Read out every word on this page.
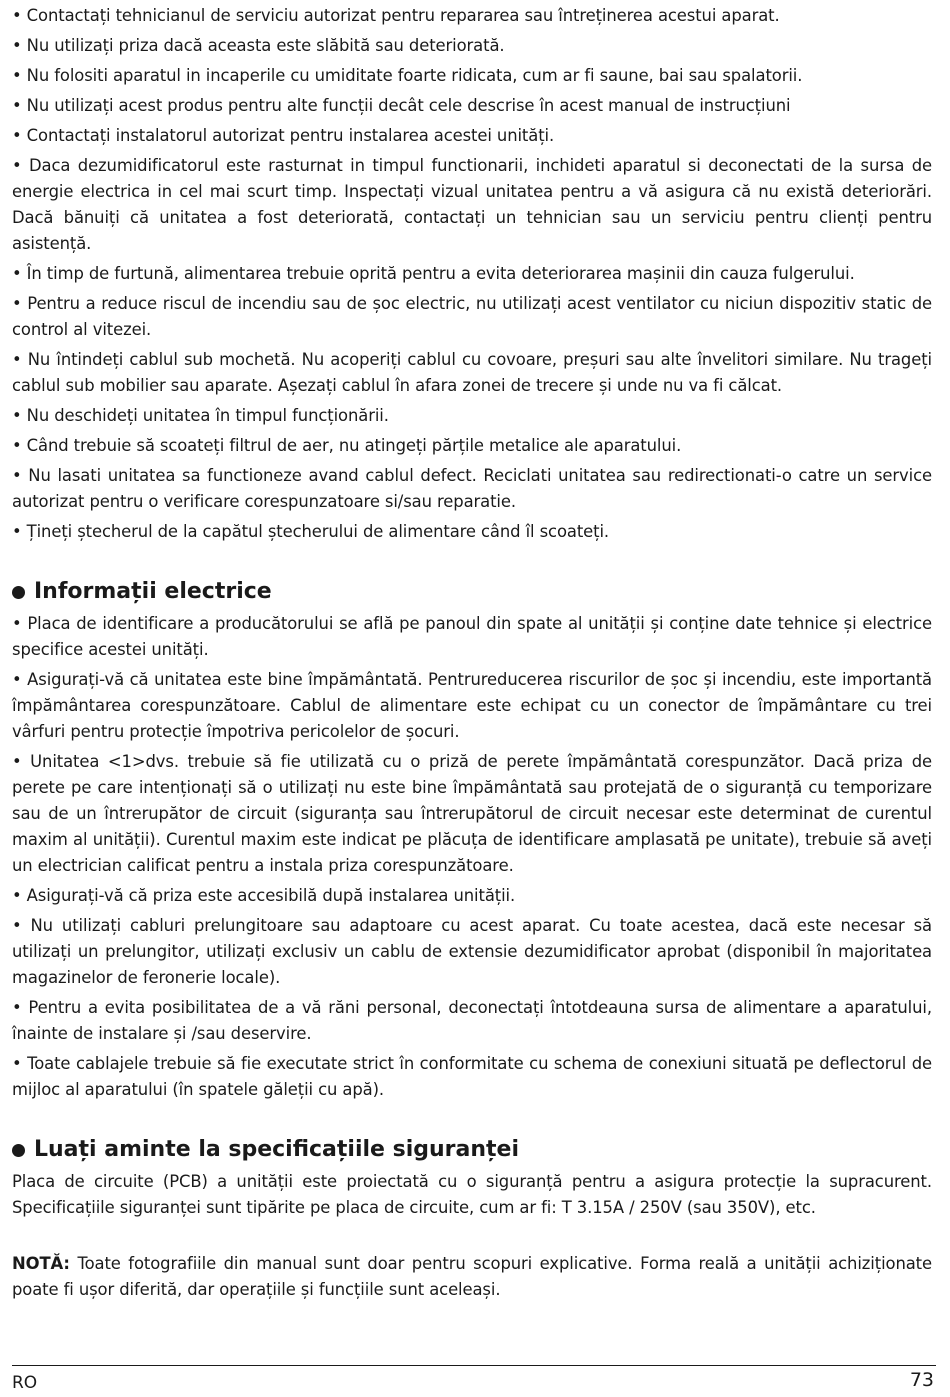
• Contactați tehnicianul de serviciu autorizat pentru repararea sau întreținerea acestui aparat.

• Nu utilizați priza dacă aceasta este slăbită sau deteriorată.

• Nu folositi aparatul in incaperile cu umiditate foarte ridicata, cum ar fi saune, bai sau spalatorii.

• Nu utilizați acest produs pentru alte funcții decât cele descrise în acest manual de instrucțiuni

• Contactați instalatorul autorizat pentru instalarea acestei unități.

• Daca dezumidificatorul este rasturnat in timpul functionarii, inchideti aparatul si deconectati de la sursa de energie electrica in cel mai scurt timp. Inspectați vizual unitatea pentru a vă asigura că nu există deteriorări. Dacă bănuiți că unitatea a fost deteriorată, contactați un tehnician sau un serviciu pentru clienți pentru asistență.

• În timp de furtună, alimentarea trebuie oprită pentru a evita deteriorarea mașinii din cauza fulgerului.

• Pentru a reduce riscul de incendiu sau de șoc electric, nu utilizați acest ventilator cu niciun dispozitiv static de control al vitezei.

• Nu întindeți cablul sub mochetă. Nu acoperiți cablul cu covoare, preșuri sau alte învelitori similare. Nu trageți cablul sub mobilier sau aparate. Așezați cablul în afara zonei de trecere și unde nu va fi călcat.

• Nu deschideți unitatea în timpul funcționării.

• Când trebuie să scoateți filtrul de aer, nu atingeți părțile metalice ale aparatului.

• Nu lasati unitatea sa functioneze avand cablul defect. Reciclati unitatea sau redirectionati-o catre un service autorizat pentru o verificare corespunzatoare si/sau reparatie.

• Țineți ștecherul de la capătul ștecherului de alimentare când îl scoateți.

Informații electrice

• Placa de identificare a producătorului se află pe panoul din spate al unității și conține date tehnice și electrice specifice acestei unități.

• Asigurați-vă că unitatea este bine împământată. Pentrureducerea riscurilor de șoc și incendiu, este importantă împământarea corespunzătoare. Cablul de alimentare este echipat cu un conector de împământare cu trei vârfuri pentru protecție împotriva pericolelor de șocuri.

• Unitatea <1>dvs. trebuie să fie utilizată cu o priză de perete împământată corespunzător. Dacă priza de perete pe care intenționați să o utilizați nu este bine împământată sau protejată de o siguranță cu temporizare sau de un întrerupător de circuit (siguranța sau întrerupătorul de circuit necesar este determinat de curentul maxim al unității). Curentul maxim este indicat pe plăcuța de identificare amplasată pe unitate), trebuie să aveți un electrician calificat pentru a instala priza corespunzătoare.

• Asigurați-vă că priza este accesibilă după instalarea unității.

• Nu utilizați cabluri prelungitoare sau adaptoare cu acest aparat. Cu toate acestea, dacă este necesar să utilizați un prelungitor, utilizați exclusiv un cablu de extensie dezumidificator aprobat (disponibil în majoritatea magazinelor de feronerie locale).

• Pentru a evita posibilitatea de a vă răni personal, deconectați întotdeauna sursa de alimentare a aparatului, înainte de instalare și /sau deservire.

• Toate cablajele trebuie să fie executate strict în conformitate cu schema de conexiuni situată pe deflectorul de mijloc al aparatului (în spatele găleții cu apă).

Luați aminte la specificațiile siguranței

Placa de circuite (PCB) a unității este proiectată cu o siguranță pentru a asigura protecție la supracurent. Specificațiile siguranței sunt tipărite pe placa de circuite, cum ar fi: T 3.15A / 250V (sau 350V), etc.

NOTĂ: Toate fotografiile din manual sunt doar pentru scopuri explicative. Forma reală a unității achiziționate poate fi ușor diferită, dar operațiile și funcțiile sunt aceleași.

RO	73
